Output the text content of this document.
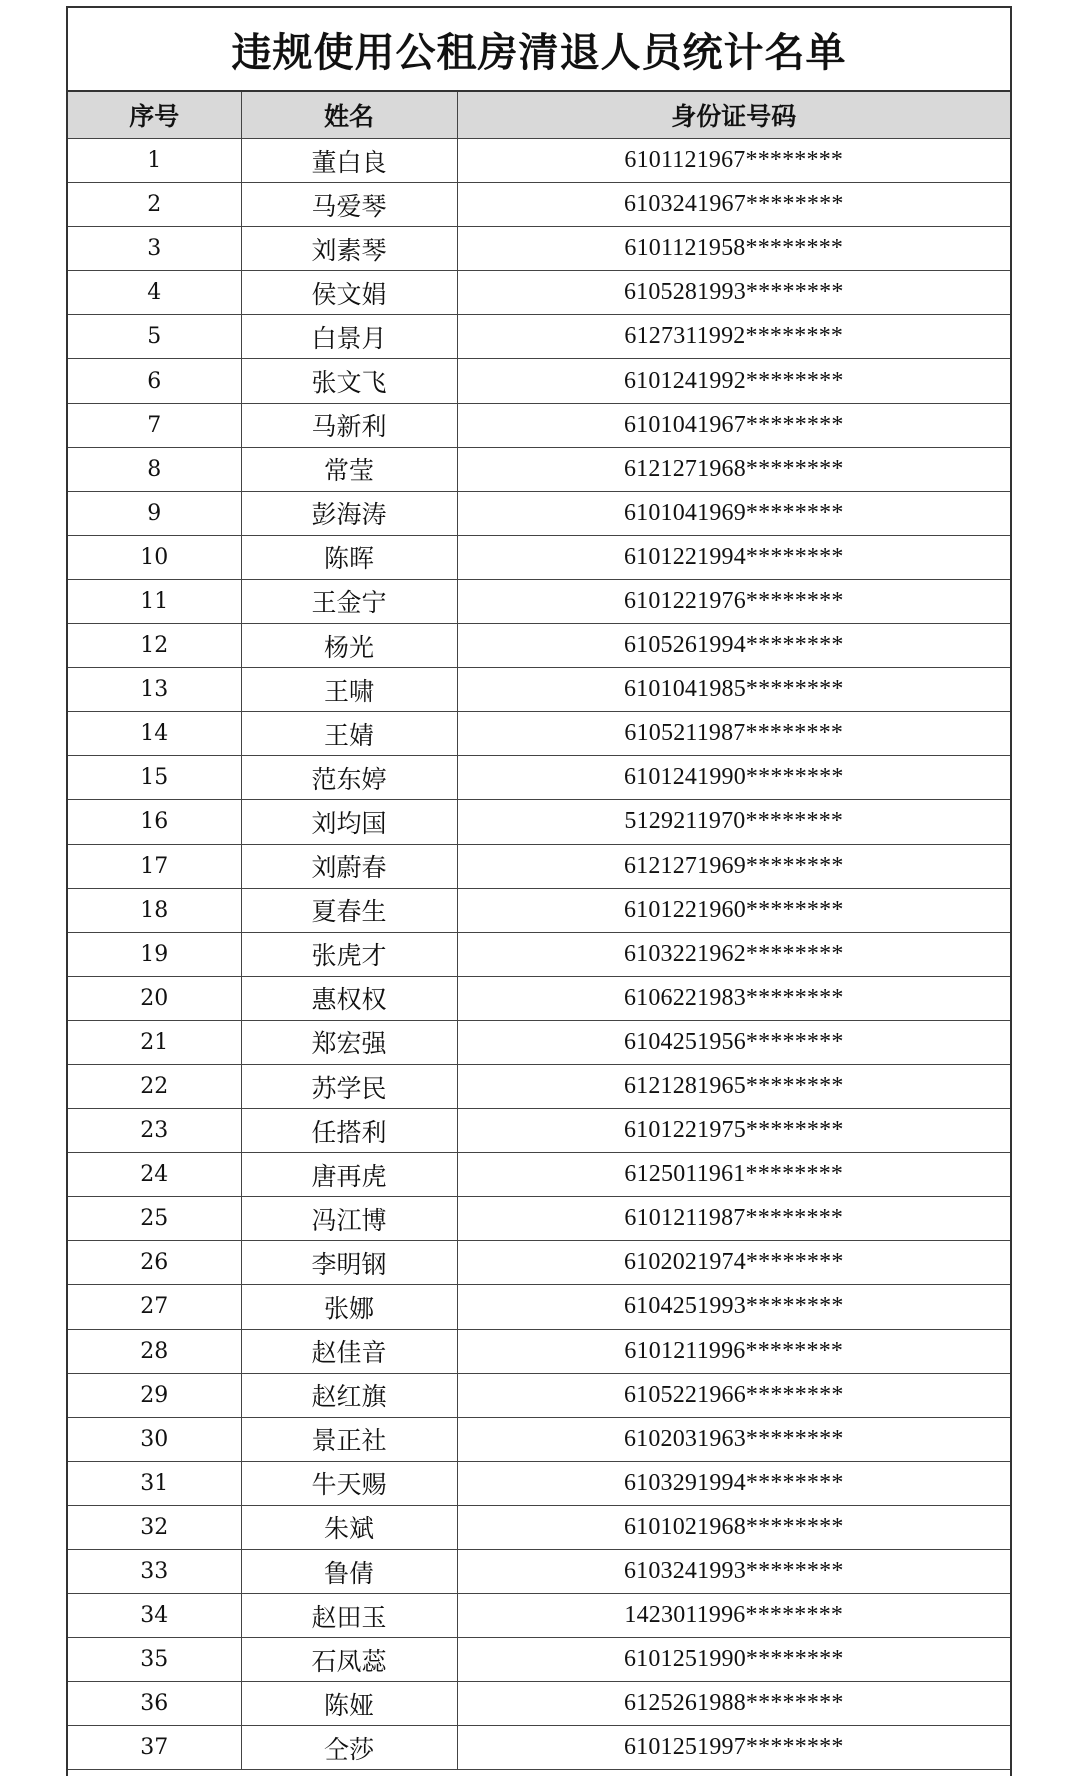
违规使用公租房清退人员统计名单
序号	姓名	身份证号码
1	董白良	6101121967********
2	马爱琴	6103241967********
3	刘素琴	6101121958********
4	侯文娟	6105281993********
5	白景月	6127311992********
6	张文飞	6101241992********
7	马新利	6101041967********
8	常莹	6121271968********
9	彭海涛	6101041969********
10	陈晖	6101221994********
11	王金宁	6101221976********
12	杨光	6105261994********
13	王啸	6101041985********
14	王婧	6105211987********
15	范东婷	6101241990********
16	刘均国	5129211970********
17	刘蔚春	6121271969********
18	夏春生	6101221960********
19	张虎才	6103221962********
20	惠权权	6106221983********
21	郑宏强	6104251956********
22	苏学民	6121281965********
23	任搭利	6101221975********
24	唐再虎	6125011961********
25	冯江博	6101211987********
26	李明钢	6102021974********
27	张娜	6104251993********
28	赵佳音	6101211996********
29	赵红旗	6105221966********
30	景正社	6102031963********
31	牛天赐	6103291994********
32	朱斌	6101021968********
33	鲁倩	6103241993********
34	赵田玉	1423011996********
35	石凤蕊	6101251990********
36	陈娅	6125261988********
37	仝莎	6101251997********
